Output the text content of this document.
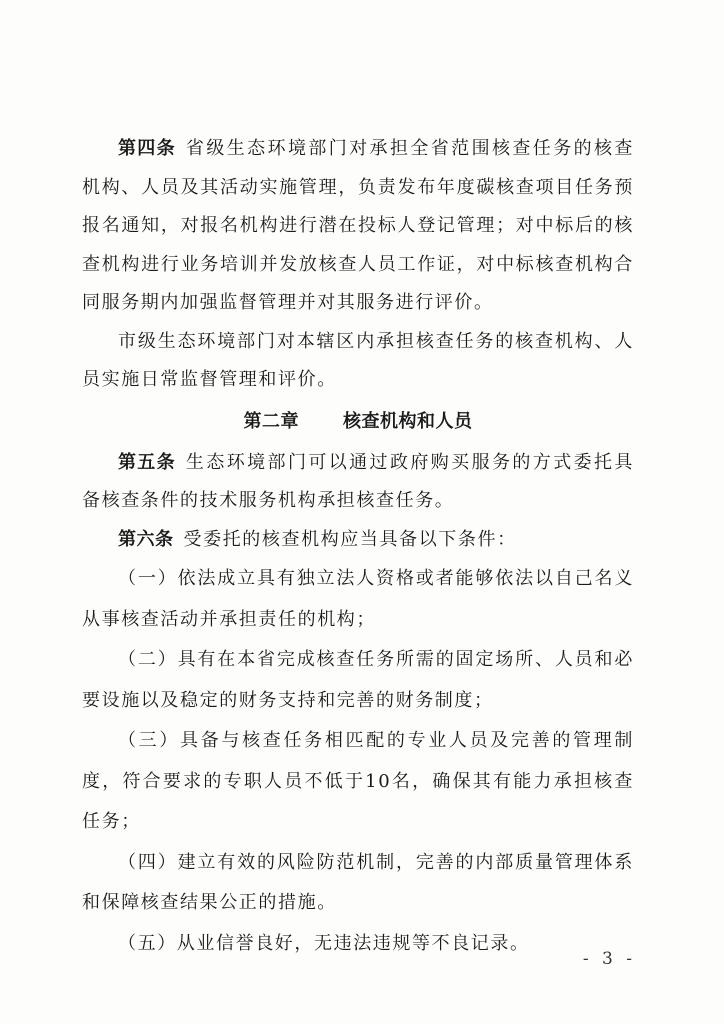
第四条 省级生态环境部门对承担全省范围核查任务的核查机构、人员及其活动实施管理，负责发布年度碳核查项目任务预报名通知，对报名机构进行潜在投标人登记管理；对中标后的核查机构进行业务培训并发放核查人员工作证，对中标核查机构合同服务期内加强监督管理并对其服务进行评价。

市级生态环境部门对本辖区内承担核查任务的核查机构、人员实施日常监督管理和评价。

第二章 核查机构和人员

第五条 生态环境部门可以通过政府购买服务的方式委托具备核查条件的技术服务机构承担核查任务。

第六条 受委托的核查机构应当具备以下条件：

（一）依法成立具有独立法人资格或者能够依法以自己名义从事核查活动并承担责任的机构；

（二）具有在本省完成核查任务所需的固定场所、人员和必要设施以及稳定的财务支持和完善的财务制度；

（三）具备与核查任务相匹配的专业人员及完善的管理制度，符合要求的专职人员不低于10名，确保其有能力承担核查任务；

（四）建立有效的风险防范机制，完善的内部质量管理体系和保障核查结果公正的措施。

（五）从业信誉良好，无违法违规等不良记录。

- 3 -
